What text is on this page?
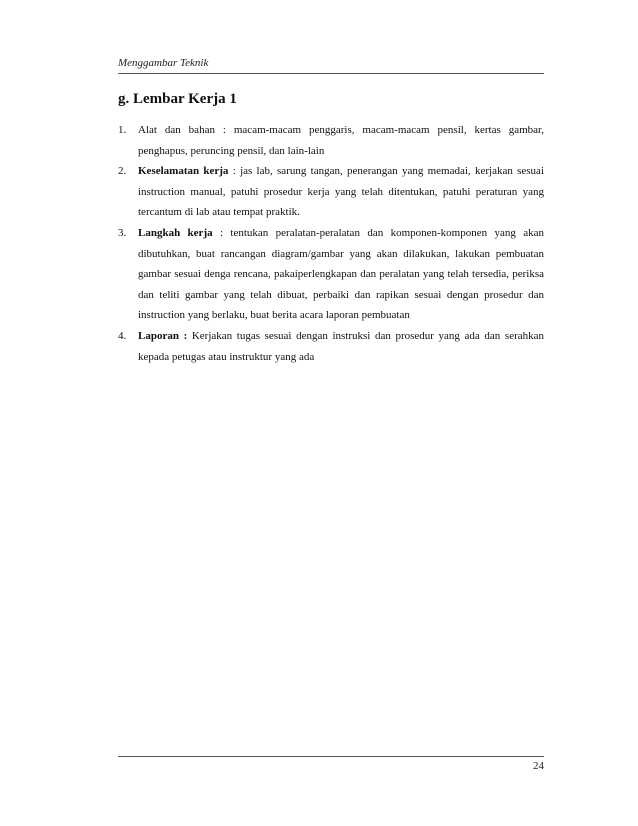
Menggambar Teknik
g. Lembar Kerja 1
1.	Alat dan bahan : macam-macam penggaris, macam-macam pensil, kertas gambar, penghapus, peruncing pensil, dan lain-lain
2.	Keselamatan kerja : jas lab, sarung tangan, penerangan yang memadai, kerjakan sesuai instruction manual, patuhi prosedur kerja yang telah ditentukan, patuhi peraturan yang tercantum di lab atau tempat praktik.
3.	Langkah kerja : tentukan peralatan-peralatan dan komponen-komponen yang akan dibutuhkan, buat rancangan diagram/gambar yang akan dilakukan, lakukan pembuatan gambar sesuai denga rencana, pakaiperlengkapan dan peralatan yang telah tersedia, periksa dan teliti gambar yang telah dibuat, perbaiki dan rapikan sesuai dengan prosedur dan instruction yang berlaku, buat berita acara laporan pembuatan
4.	Laporan : Kerjakan tugas sesuai dengan instruksi dan prosedur yang ada dan serahkan kepada petugas atau instruktur yang ada
24
